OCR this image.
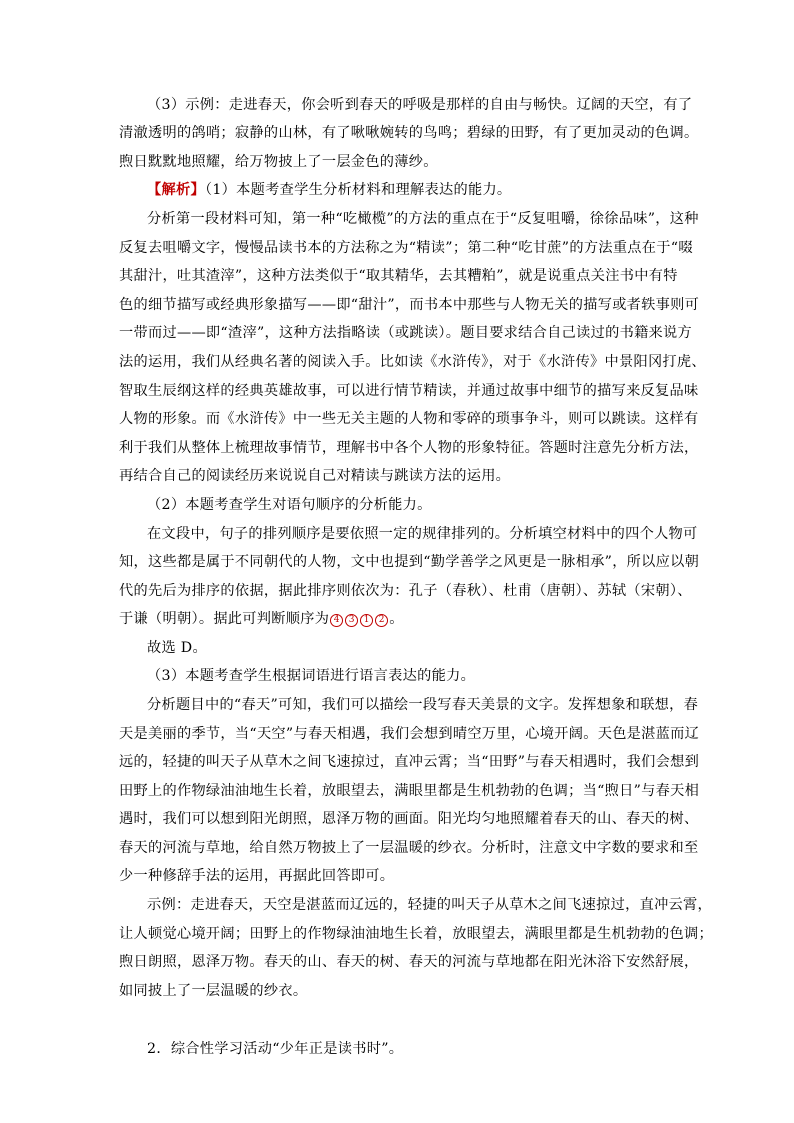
（3）示例：走进春天，你会听到春天的呼吸是那样的自由与畅快。辽阔的天空，有了
清澈透明的鸽哨；寂静的山林，有了啾啾婉转的鸟鸣；碧绿的田野，有了更加灵动的色调。
煦日黕黕地照耀，给万物披上了一层金色的薄纱。
【解析】（1）本题考查学生分析材料和理解表达的能力。
分析第一段材料可知，第一种“吃橄榄”的方法的重点在于“反复咀嚼，徐徐品味”，这种
反复去咀嚼文字，慢慢品读书本的方法称之为“精读”；第二种“吃甘蔗”的方法重点在于“啜
其甜汁，吐其渣滓”，这种方法类似于“取其精华，去其糟粕”，就是说重点关注书中有特
色的细节描写或经典形象描写——即“甜汁”，而书本中那些与人物无关的描写或者轶事则可
一带而过——即“渣滓”，这种方法指略读（或跳读）。题目要求结合自己读过的书籍来说方
法的运用，我们从经典名著的阅读入手。比如读《水浒传》，对于《水浒传》中景阳冈打虎、
智取生辰纲这样的经典英雄故事，可以进行情节精读，并通过故事中细节的描写来反复品味
人物的形象。而《水浒传》中一些无关主题的人物和零碎的琐事争斗，则可以跳读。这样有
利于我们从整体上梳理故事情节，理解书中各个人物的形象特征。答题时注意先分析方法，
再结合自己的阅读经历来说说自己对精读与跳读方法的运用。
（2）本题考查学生对语句顺序的分析能力。
在文段中，句子的排列顺序是要依照一定的规律排列的。分析填空材料中的四个人物可
知，这些都是属于不同朝代的人物，文中也提到“勤学善学之风更是一脉相承”，所以应以朝
代的先后为排序的依据，据此排序则依次为：孔子（春秋）、杜甫（唐朝）、苏轼（宋朝）、
于谦（明朝）。据此可判断顺序为 4 3 1 2 。
故选 D。
（3）本题考查学生根据词语进行语言表达的能力。
分析题目中的“春天”可知，我们可以描绘一段写春天美景的文字。发挥想象和联想，春
天是美丽的季节，当“天空”与春天相遇，我们会想到晴空万里，心境开阔。天色是湛蓝而辽
远的，轻捷的叫天子从草木之间飞速掠过，直冲云霄；当“田野”与春天相遇时，我们会想到
田野上的作物绿油油地生长着，放眼望去，满眼里都是生机勃勃的色调；当“煦日”与春天相
遇时，我们可以想到阳光朗照，恩泽万物的画面。阳光均匀地照耀着春天的山、春天的树、
春天的河流与草地，给自然万物披上了一层温暖的纱衣。分析时，注意文中字数的要求和至
少一种修辞手法的运用，再据此回答即可。
示例：走进春天，天空是湛蓝而辽远的，轻捷的叫天子从草木之间飞速掠过，直冲云霄，
让人顿觉心境开阔；田野上的作物绿油油地生长着，放眼望去，满眼里都是生机勃勃的色调；
煦日朗照，恩泽万物。春天的山、春天的树、春天的河流与草地都在阳光沐浴下安然舒展，
如同披上了一层温暖的纱衣。
2．综合性学习活动“少年正是读书时”。
